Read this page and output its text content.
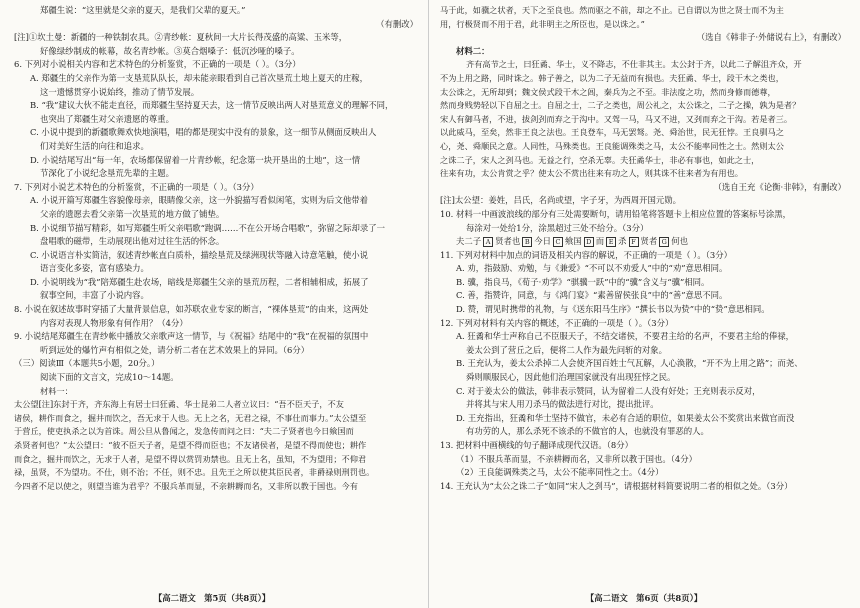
郑疆生说：“这里就是父亲的夏天，是我们父辈的夏天。”
（有删改）
[注]①坎土曼：新疆的一种铁制农具。②青纱帐：夏秋间一大片长得茂盛的高粱、玉米等，
好像绿纱制成的帐幕，故名青纱帐。③莫合烟嗓子：低沉沙哑的嗓子。
6. 下列对小说相关内容和艺术特色的分析鉴赏，不正确的一项是（ ）。（3分）
A. 郑疆生的父亲作为第一支垦荒队队长，却未能亲眼看到自己首次垦荒土地上夏天的庄稼，
这一遗憾贯穿小说始终，推动了情节发展。
B. “我”建议大伙不能走直径，而郑疆生坚持夏天去，这一情节反映出两人对垦荒意义的理解不同，
也突出了郑疆生对父亲遗愿的尊重。
C. 小说中提到的新疆歌舞欢快地演唱，唱的都是现实中没有的景象，这一细节从侧面反映出人
们对美好生活的向往和追求。
D. 小说结尾写出“每一年，农场都保留着一片青纱帐，纪念第一块开垦出的土地”，这一情
节深化了小说纪念垦荒先辈的主题。
7. 下列对小说艺术特色的分析鉴赏，不正确的一项是（ ）。（3分）
A. 小说开篇写郑疆生容貌像母亲，眼睛像父亲，这一外貌描写看似闲笔，实则为后文他带着
父亲的遗愿去看父亲第一次垦荒的地方做了铺垫。
B. 小说细节描写精彩，如写郑疆生听父亲唱歌“跑调……不在公开场合唱歌”，弥留之际却录了一
盘唱歌的磁带，生动展现出他对过往生活的怀念。
C. 小说语言朴实简洁，叙述青纱帐直白质朴，描绘垦荒及绿洲现状等融入诗意笔触，使小说
语言变化多姿，富有感染力。
D. 小说明线为“我”陪郑疆生赴农场，暗线是郑疆生父亲的垦荒历程，二者相辅相成，拓展了
叙事空间，丰富了小说内容。
8. 小说在叙述故事时穿插了大量背景信息，如苏联农业专家的断言，“裸体垦荒”的由来，这两处
内容对表现人物形象有何作用？（4分）
9. 小说结尾郑疆生在青纱帐中播放父亲歌声这一情节，与《祝福》结尾中的“我”在祝福的氛围中
听到远处的爆竹声有相似之处，请分析二者在艺术效果上的异同。（6分）
（三）阅读Ⅲ（本题共5小题，20分。）
阅读下面的文言文，完成10～14题。
材料一：
太公望[注]东封于齐，齐东海上有居士曰狂矞、华士昆弟二人者立议曰：“吾不臣天子，不友
诸侯，耕作而食之，掘井而饮之，吾无求于人也。无上之名，无君之禄，不事仕而事力。”太公望至
于营丘，使吏执杀之以为首诛。周公旦从鲁闻之，发急传而问之曰：“夫二子贤者也今日飨国而
杀贤者何也？”太公望曰：“彼不臣天子者，是望不得而臣也；不友诸侯者，是望不得而使也；耕作
而食之，掘井而饮之，无求于人者，是望不得以赏罚劝禁也。且无上名，虽知，不为望用；不仰君
禄，虽贤，不为望功。不仕，则不治；不任，则不忠。且先王之所以使其臣民者，非爵禄则刑罚也。
今四者不足以使之，则望当谁为君乎？不服兵革而显，不亲耕耨而名，又非所以教于国也。今有
【高二语文　第5页（共8页）】
马于此，如骥之状者，天下之至良也。然而驱之不前，却之不止。已自谓以为世之贤士而不为主
用，行极贤而不用于君，此非明主之所臣也，是以诛之。”
（选自《韩非子·外储说右上》，有删改）
材料二：
齐有高节之士，曰狂矞、华士，义不降志，不仕非其主。太公封于齐，以此二子解沮齐众，开
不为上用之路，同时诛之。韩子善之，以为二子无益而有损也。夫狂矞、华士，段干木之类也，
太公诛之，无所却到；魏文侯式段干木之闾，秦兵为之不至。非法度之功，然而身修而德尊，
然而身贱势轻以下自屈之士。自屈之士，二子之类也，周公礼之，太公诛之，二子之操，孰为是者？
宋人有御马者，不进，拔剑刭而弃之于沟中。又驾一马，马又不进，又刭而弃之于沟。若是者三。
以此威马，至矣，然非王良之法也。王良登车，马无罢驽。尧、舜治世，民无狂悖。王良驯马之
心，尧、舜顺民之意。人同性，马殊类也。王良能调殊类之马，太公不能率同性之士。然则太公
之诛二子，宋人之刭马也。无益之行，空杀无辜。夫狂矞华士，非必有事也，如此之士，
往来有功，太公肯赏之乎？使太公不赏出往来有功之人，则其诛不往来者为有用也。
（选自王充《论衡·非韩》，有删改）
[注]太公望：姜姓，吕氏，名尚或望，字子牙，为西周开国元勋。
10. 材料一中画波浪线的部分有三处需要断句，请用铅笔将答题卡上相应位置的答案标号涂黑，
每涂对一处给1分，涂黑超过三处不给分。（3分）
夫二子 A 贤者也 B 今日 C 飨国 D 而 E 杀 F 贤者 G 何也
11. 下列对材料中加点的词语及相关内容的解说，不正确的一项是（ ）。（3分）
A. 劝，指鼓励、劝勉，与《兼爱》“不可以不劝爱人”中的“劝”意思相同。
B. 骥，指良马，《荀子·劝学》“骐骥一跃”中的“骥”含义与“骥”相同。
C. 善，指赞许，同意，与《鸿门宴》“素善留侯张良”中的“善”意思不同。
D. 赞，谓见时携带的礼物，与《送东阳马生序》“撰长书以为贽”中的“贽”意思相同。
12. 下列对材料有关内容的概述，不正确的一项是（ ）。（3分）
A. 狂矞和华士声称自己不臣服天子，不结交诸侯，不要君主给的名声，不要君主给的俸禄，
姜太公到了营丘之后，便将二人作为最先问斩的对象。
B. 王充认为，姜太公杀掉二人会使齐国百姓士气瓦解，人心涣散，“开不为上用之路”；而尧、
舜则顺服民心，因此他们治理国家就没有出现狂悖之民。
C. 对于姜太公的做法，韩非表示赞同，认为留着二人没有好处；王充则表示反对，
并将其与宋人用刀杀马的做法进行对比，提出批评。
D. 王充指出，狂矞和华士坚持不做官，未必有合适的职位，如果姜太公不奖赏出来做官而没
有功劳的人，那么杀死不该杀的不做官的人，也就没有罪恶的人。
13. 把材料中画横线的句子翻译成现代汉语。（8分）
（1）不服兵革而显，不亲耕耨而名，又非所以教于国也。（4分）
（2）王良能调殊类之马，太公不能率同性之士。（4分）
14. 王充认为“太公之诛二子”如同“宋人之刭马”，请根据材料简要说明二者的相似之处。（3分）
【高二语文　第6页（共8页）】
